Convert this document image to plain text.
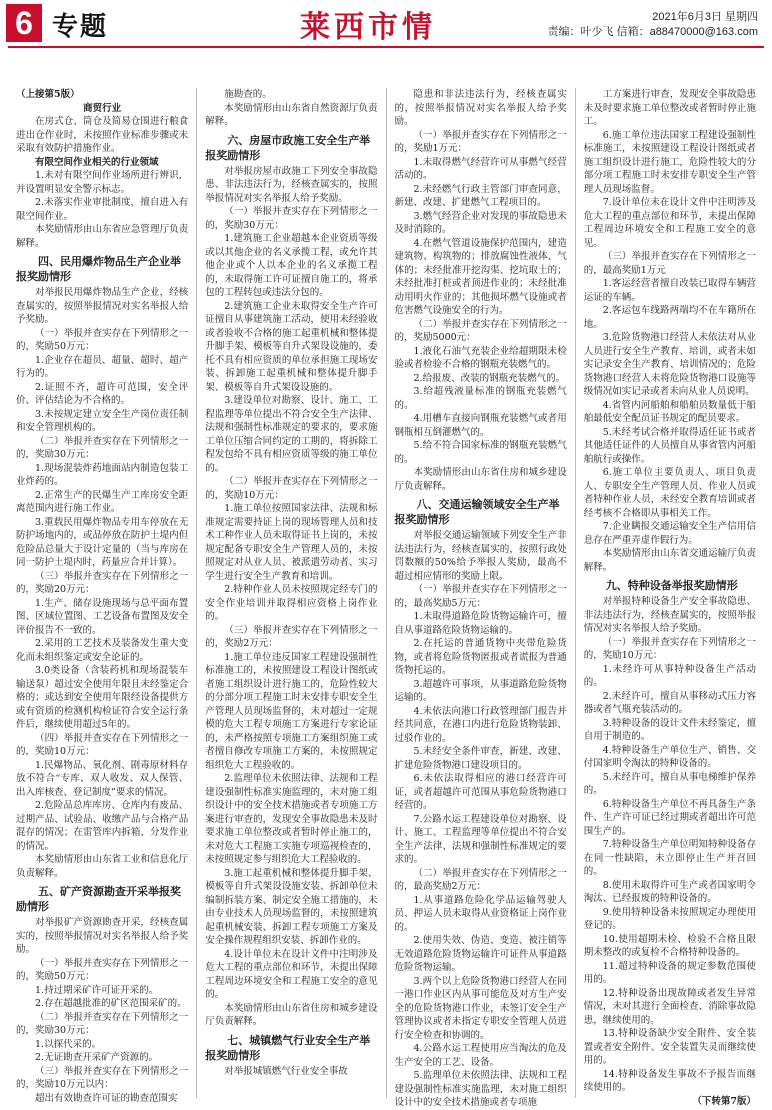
6 专题	莱西市情	2021年6月3日 星期四
责编：叶少飞 信箱：a88470000@163.com

（上接第5版）

商贸行业

在房式仓、筒仓及简易仓围进行粮食进出仓作业时，未按照作业标准步骤或未采取有效防护措施作业。

有限空间作业相关的行业领域

1.未对有限空间作业场所进行辨识，并设置明显安全警示标志。

2.未落实作业审批制度，擅自进入有限空间作业。

本奖励情形由山东省应急管理厅负责解释。

四、民用爆炸物品生产企业举报奖励情形

对举报民用爆炸物品生产企业，经核查属实的，按照举报情况对实名举报人给予奖励。

（一）举报并查实存在下列情形之一的，奖励50万元：

1.企业存在超员、超量、超时、超产行为的。

2.证照不齐，超许可范围，安全评价、评估结论为不合格的。

3.未按规定建立安全生产岗位责任制和安全管理机构的。

（二）举报并查实存在下列情形之一的，奖励30万元：

1.现场混装炸药地面站内制造包装工业炸药的。

2.正常生产的民爆生产工库房安全距离范围内进行施工作业。

3.重载民用爆炸物品专用车停放在无防护场地内的，或品停放在防护土堤内但危险品总量大于设计定量的（当与库房在同一防护土堤内时，药量应合并计算）。

（三）举报并查实存在下列情形之一的，奖励20万元：

1.生产、储存设施现场与总平面布置图、区域位置图、工艺设备布置图及安全评价报告不一致的。

2.采用的工艺技术及装备发生重大变化而未组织鉴定或安全论证的。

3.0类设备（含装药机和现场混装车输送泵）超过安全使用年限且未经鉴定合格的；或达到安全使用年限经设备提供方或有资质的检测机构检证符合安全运行条件后，继续使用超过5年的。

（四）举报并查实存在下列情形之一的，奖励10万元：

1.民爆物品、氧化剂、剧毒原材料存放不符合“专库、双人收发、双人保管、出入库核查、登记制度”要求的情况。

2.危险品总库库房、仓库内有废品、过期产品、试验品、收缴产品与合格产品混存的情况；在雷管库内拆箱、分发作业的情况。

本奖励情形由山东省工业和信息化厅负责解释。

五、矿产资源勘查开采举报奖励情形

对举报矿产资源勘查开采，经核查属实的，按照举报情况对实名举报人给予奖励。

（一）举报并查实存在下列情形之一的，奖励50万元：

1.持过期采矿许可证开采的。

2.存在超越批准的矿区范围采矿的。

（二）举报并查实存在下列情形之一的，奖励30万元：

1.以探代采的。

2.无证勘查开采矿产资源的。

（三）举报并查实存在下列情形之一的，奖励10万元以内：

超出有效勘查许可证的勘查范围实

施勘查的。

本奖励情形由山东省自然资源厅负责解释。

六、房屋市政施工安全生产举报奖励情形

对举报房屋市政施工下列安全事故隐患、非法违法行为，经核查属实的，按照举报情况对实名举报人给予奖励。

（一）举报并查实存在下列情形之一的，奖励30万元：

1.建筑施工企业超越本企业资质等级或以其他企业的名义承揽工程，或允许其他企业或个人以本企业的名义承揽工程的，未取得施工许可证擅自施工的，将承包的工程转包或违法分包的。

2.建筑施工企业未取得安全生产许可证擅自从事建筑施工活动，使用未经验收或者验收不合格的施工起重机械和整体提升脚手架、模板等自升式架设设施的，委托不具有相应资质的单位承担施工现场安装、拆卸施工起重机械和整体提升脚手架、模板等自升式架设设施的。

3.建设单位对勘察、设计、施工、工程监理等单位提出不符合安全生产法律、法规和强制性标准规定的要求的，要求施工单位压缩合同约定的工期的，将拆除工程发包给不具有相应资质等级的施工单位的。

（二）举报并查实存在下列情形之一的，奖励10万元：

1.施工单位按照国家法律、法规和标准规定需要持证上岗的现场管理人员和技术工种作业人员未取得证书上岗的，未按规定配备专职安全生产管理人员的，未按照规定对从业人员、被派遣劳动者、实习学生进行安全生产教育和培训。

2.特种作业人员未按照规定经专门的安全作业培训并取得相应资格上岗作业的。

（三）举报并查实存在下列情形之一的，奖励2万元：

1.施工单位违反国家工程建设强制性标准施工的，未按照建设工程设计图纸或者施工组织设计进行施工的，危险性较大的分部分项工程施工时未安排专职安全生产管理人员现场监督的，未对超过一定规模的危大工程专项施工方案进行专家论证的，未严格按照专项施工方案组织施工或者擅自修改专项施工方案的，未按照规定组织危大工程验收的。

2.监理单位未依照法律、法规和工程建设强制性标准实施监理的，未对施工组织设计中的安全技术措施或者专项施工方案进行审查的，发现安全事故隐患未及时要求施工单位整改或者暂时停止施工的，未对危大工程施工实施专项巡视检查的，未按照规定参与组织危大工程验收的。

3.施工起重机械和整体提升脚手架、模板等自升式架设设施安装、拆卸单位未编制拆装方案、制定安全施工措施的，未由专业技术人员现场监督的，未按照建筑起重机械安装、拆卸工程专项施工方案及安全操作规程组织安装、拆卸作业的。

4.设计单位未在设计文件中注明涉及危大工程的重点部位和环节，未提出保障工程周边环境安全和工程施工安全的意见的。

本奖励情形由山东省住房和城乡建设厅负责解释。

七、城镇燃气行业安全生产举报奖励情形

对举报城镇燃气行业安全事故

隐患和非法违法行为，经核查属实的，按照举报情况对实名举报人给予奖励。

（一）举报并查实存在下列情形之一的，奖励1万元：

1.未取得燃气经营许可从事燃气经营活动的。

2.未经燃气行政主管部门审查同意，新建、改建、扩建燃气工程项目的。

3.燃气经营企业对发现的事故隐患未及时消除的。

4.在燃气管道设施保护范围内，建造建筑物、构筑物的；排放腐蚀性液体、气体的；未经批准开挖沟渠、挖坑取土的；未经批准打桩或者顶进作业的；未经批准动用明火作业的；其他损坏燃气设施或者危害燃气设施安全的行为。

（二）举报并查实存在下列情形之一的，奖励5000元：

1.液化石油气充装企业给超期限未检验或者检验不合格的钢瓶充装燃气的。

2.给报废、改装的钢瓶充装燃气的。

3.给超残液量标准的钢瓶充装燃气的。

4.用槽车直接向钢瓶充装燃气或者用钢瓶相互倒灌燃气的。

5.给不符合国家标准的钢瓶充装燃气的。

本奖励情形由山东省住房和城乡建设厅负责解释。

八、交通运输领域安全生产举报奖励情形

对举报交通运输领域下列安全生产非法违法行为，经核查属实的，按照行政处罚数额的50%给予举报人奖励，最高不超过相应情形的奖励上限。

（一）举报并查实存在下列情形之一的，最高奖励5万元：

1.未取得道路危险货物运输许可，擅自从事道路危险货物运输的。

2.在托运的普通货物中夹带危险货物，或者将危险货物匿报或者谎报为普通货物托运的。

3.超越许可事项，从事道路危险货物运输的。

4.未依法向港口行政管理部门报告并经其同意，在港口内进行危险货物装卸、过驳作业的。

5.未经安全条件审查，新建、改建、扩建危险货物港口建设项目的。

6.未依法取得相应的港口经营许可证，或者超越许可范围从事危险货物港口经营的。

7.公路水运工程建设单位对勘察、设计、施工、工程监理等单位提出不符合安全生产法律、法规和强制性标准规定的要求的。

（二）举报并查实存在下列情形之一的，最高奖励2万元：

1.从事道路危险化学品运输驾驶人员、押运人员未取得从业资格证上岗作业的。

2.使用失效、伪造、变造、被注销等无效道路危险货物运输许可证件从事道路危险货物运输。

3.两个以上危险货物港口经营人在同一港口作业区内从事可能危及对方生产安全的危险货物港口作业，未签订安全生产管理协议或者未指定专职安全管理人员进行安全检查和协调的。

4.公路水运工程使用应当淘汰的危及生产安全的工艺、设备。

5.监理单位未依照法律、法规和工程建设强制性标准实施监理，未对施工组织设计中的安全技术措施或者专项施

工方案进行审查，发现安全事故隐患未及时要求施工单位整改或者暂时停止施工。

6.施工单位违法国家工程建设强制性标准施工，未按照建设工程设计图纸或者施工组织设计进行施工，危险性较大的分部分项工程施工时未安排专职安全生产管理人员现场监督。

7.设计单位未在设计文件中注明涉及危大工程的重点部位和环节，未提出保障工程周边环境安全和工程施工安全的意见。

（三）举报并查实存在下列情形之一的，最高奖励1万元

1.客运经营者擅自改装已取得车辆营运证的车辆。

2.客运包车线路两端均不在车籍所在地。

3.危险货物港口经营人未依法对从业人员进行安全生产教育、培训，或者未如实记录安全生产教育、培训情况的；危险货物港口经营人未将危险货物港口设施等级情况如实记录或者未向从业人员说明。

4.省管内河船舶和船舶员数量低于船舶最低安全配员证书规定的配员要求。

5.未经考试合格并取得适任证书或者其他适任证件的人员擅自从事省管内河船舶航行或操作。

6.施工单位主要负责人、项目负责人、专职安全生产管理人员、作业人员或者特种作业人员，未经安全教育培训或者经考核不合格即从事相关工作。

7.企业瞒报交通运输安全生产信用信息存在严重弄虚作假行为。

本奖励情形由山东省交通运输厅负责解释。

九、特种设备举报奖励情形

对举报特种设备生产安全事故隐患、非法违法行为，经核查属实的，按照举报情况对实名举报人给予奖励。

（一）举报并查实存在下列情形之一的，奖励10万元：

1.未经许可从事特种设备生产活动的。

2.未经许可，擅自从事移动式压力容器或者气瓶充装活动的。

3.特种设备的设计文件未经鉴定，擅自用于制造的。

4.特种设备生产单位生产、销售、交付国家明令淘汰的特种设备的。

5.未经许可，擅自从事电梯维护保养的。

6.特种设备生产单位不再具备生产条件、生产许可证已经过期或者超出许可范围生产的。

7.特种设备生产单位明知特种设备存在同一性缺陷，未立即停止生产并召回的。

8.使用未取得许可生产或者国家明令淘汰、已经报废的特种设备的。

9.使用特种设备未按照规定办理使用登记的。

10.使用超期未检、检验不合格且限期未整改的或复检不合格特种设备的。

11.超过特种设备的规定参数范围使用的。

12.特种设备出现故障或者发生异常情况，未对其进行全面检查、消除事故隐患，继续使用的。

13.特种设备缺少安全附件、安全装置或者安全附件、安全装置失灵而继续使用的。

14.特种设备发生事故不予报告而继续使用的。

（下转第7版）
